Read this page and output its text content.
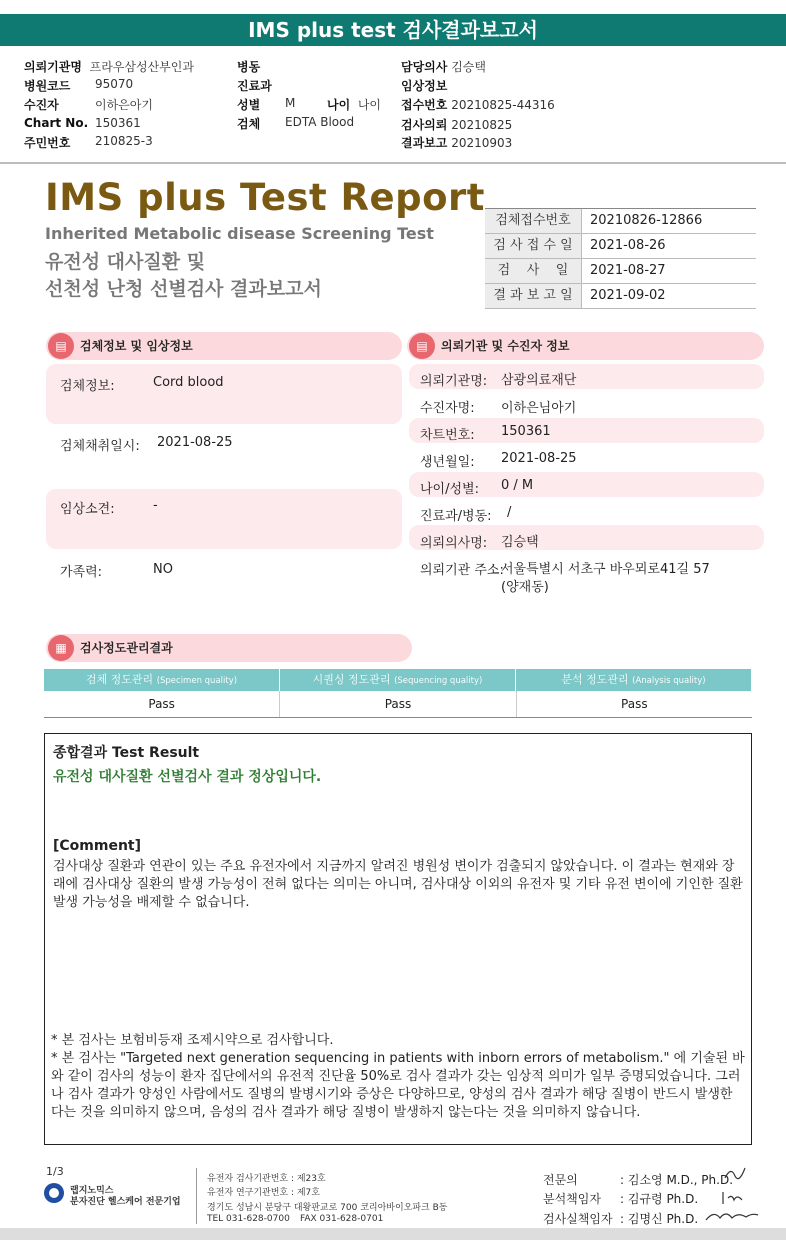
IMS plus test 검사결과보고서
의뢰기관명 프라우삼성산부인과
병원코드 95070
수진자	이하은아기
Chart No. 150361
주민번호 210825-3
병동
진료과
성별 M	나이 나이
검체 EDTA Blood
담당의사 김승택
임상정보
접수번호 20210825-44316
검사의뢰 20210825
결과보고 20210903
IMS plus Test Report
Inherited Metabolic disease Screening Test
유전성 대사질환 및
선천성 난청 선별검사 결과보고서
검체접수번호	20210826-12866
검 사 접 수 일	2021-08-26
검    사    일	2021-08-27
결 과 보 고 일	2021-09-02
▤	검체정보 및 임상정보
검체정보:	Cord blood
검체채취일시: 2021-08-25
임상소견:	-
가족력:	NO
▤	의뢰기관 및 수진자 정보
의뢰기관명: 삼광의료재단
수진자명: 이하은님아기
차트번호: 150361
생년월일: 2021-08-25
나이/성별: 0 / M
진료과/병동: /
의뢰의사명: 김승택
의뢰기관 주소:
서울특별시 서초구 바우뫼로41길 57
(양재동)
▦	검사정도관리결과
검체 정도관리 (Specimen quality)	시퀀싱 정도관리 (Sequencing quality)	분석 정도관리 (Analysis quality)
Pass	Pass	Pass
종합결과 Test Result
유전성 대사질환 선별검사 결과 정상입니다.
[Comment]
검사대상 질환과 연관이 있는 주요 유전자에서 지금까지 알려진 병원성 변이가 검출되지 않았습니다. 이 결과는 현재와 장래에 검사대상 질환의 발생 가능성이 전혀 없다는 의미는 아니며, 검사대상 이외의 유전자 및 기타 유전 변이에 기인한 질환 발생 가능성을 배제할 수 없습니다.
* 본 검사는 보험비등재 조제시약으로 검사합니다.
* 본 검사는 "Targeted next generation sequencing in patients with inborn errors of metabolism." 에 기술된 바와 같이 검사의 성능이 환자 집단에서의 유전적 진단율 50%로 검사 결과가 갖는 임상적 의미가 일부 증명되었습니다. 그러나 검사 결과가 양성인 사람에서도 질병의 발병시기와 증상은 다양하므로, 양성의 검사 결과가 해당 질병이 반드시 발생한다는 것을 의미하지 않으며, 음성의 검사 결과가 해당 질병이 발생하지 않는다는 것을 의미하지 않습니다.
1/3
랩지노믹스
분자진단 헬스케어 전문기업
유전자 검사기관번호 : 제23호
유전자 연구기관번호 : 제7호
경기도 성남시 분당구 대왕판교로 700 코리아바이오파크 B동
TEL 031-628-0700 FAX 031-628-0701
전문의	: 김소영 M.D., Ph.D.
분석책임자 : 김규령 Ph.D.
검사실책임자 : 김명신 Ph.D.
